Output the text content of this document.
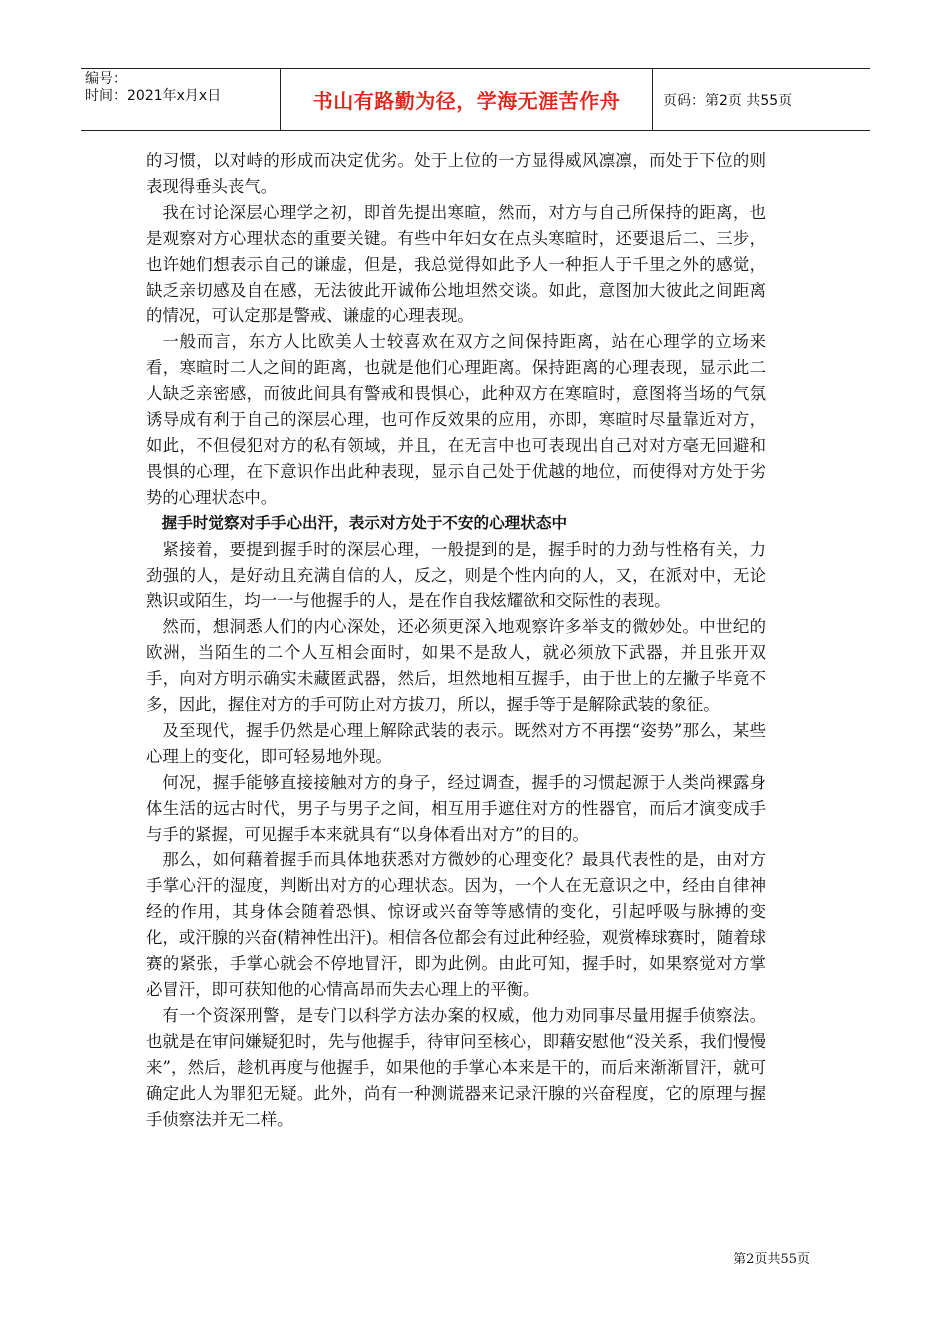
编号：
时间：2021年x月x日	书山有路勤为径，学海无涯苦作舟	页码：第2页 共55页

的习惯，以对峙的形成而决定优劣。处于上位的一方显得威风凛凛，而处于下位的则表现得垂头丧气。

我在讨论深层心理学之初，即首先提出寒暄，然而，对方与自己所保持的距离，也是观察对方心理状态的重要关键。有些中年妇女在点头寒暄时，还要退后二、三步，也许她们想表示自己的谦虚，但是，我总觉得如此予人一种拒人于千里之外的感觉，缺乏亲切感及自在感，无法彼此开诚佈公地坦然交谈。如此，意图加大彼此之间距离的情况，可认定那是警戒、谦虚的心理表现。

一般而言，东方人比欧美人士较喜欢在双方之间保持距离，站在心理学的立场来看，寒暄时二人之间的距离，也就是他们心理距离。保持距离的心理表现，显示此二人缺乏亲密感，而彼此间具有警戒和畏惧心，此种双方在寒暄时，意图将当场的气氛诱导成有利于自己的深层心理，也可作反效果的应用，亦即，寒暄时尽量靠近对方，如此，不但侵犯对方的私有领域，并且，在无言中也可表现出自己对对方毫无回避和畏惧的心理，在下意识作出此种表现，显示自己处于优越的地位，而使得对方处于劣势的心理状态中。

握手时觉察对手手心出汗，表示对方处于不安的心理状态中

紧接着，要提到握手时的深层心理，一般提到的是，握手时的力劲与性格有关，力劲强的人，是好动且充满自信的人，反之，则是个性内向的人，又，在派对中，无论熟识或陌生，均一一与他握手的人，是在作自我炫耀欲和交际性的表现。

然而，想洞悉人们的内心深处，还必须更深入地观察许多举支的微妙处。中世纪的欧洲，当陌生的二个人互相会面时，如果不是敌人，就必须放下武器，并且张开双手，向对方明示确实未藏匿武器，然后，坦然地相互握手，由于世上的左撇子毕竟不多，因此，握住对方的手可防止对方拔刀，所以，握手等于是解除武装的象征。

及至现代，握手仍然是心理上解除武装的表示。既然对方不再摆“姿势”那么，某些心理上的变化，即可轻易地外现。

何况，握手能够直接接触对方的身子，经过调查，握手的习惯起源于人类尚裸露身体生活的远古时代，男子与男子之间，相互用手遮住对方的性器官，而后才演变成手与手的紧握，可见握手本来就具有“以身体看出对方”的目的。

那么，如何藉着握手而具体地获悉对方微妙的心理变化？最具代表性的是，由对方手掌心汗的湿度，判断出对方的心理状态。因为，一个人在无意识之中，经由自律神经的作用，其身体会随着恐惧、惊讶或兴奋等等感情的变化，引起呼吸与脉搏的变化，或汗腺的兴奋(精神性出汗)。相信各位都会有过此种经验，观赏棒球赛时，随着球赛的紧张，手掌心就会不停地冒汗，即为此例。由此可知，握手时，如果察觉对方掌必冒汗，即可获知他的心情高昂而失去心理上的平衡。

有一个资深刑警，是专门以科学方法办案的权威，他力劝同事尽量用握手侦察法。也就是在审问嫌疑犯时，先与他握手，待审问至核心，即藉安慰他“没关系，我们慢慢来”，然后，趁机再度与他握手，如果他的手掌心本来是干的，而后来渐渐冒汗，就可确定此人为罪犯无疑。此外，尚有一种测谎器来记录汗腺的兴奋程度，它的原理与握手侦察法并无二样。

第2页共55页
